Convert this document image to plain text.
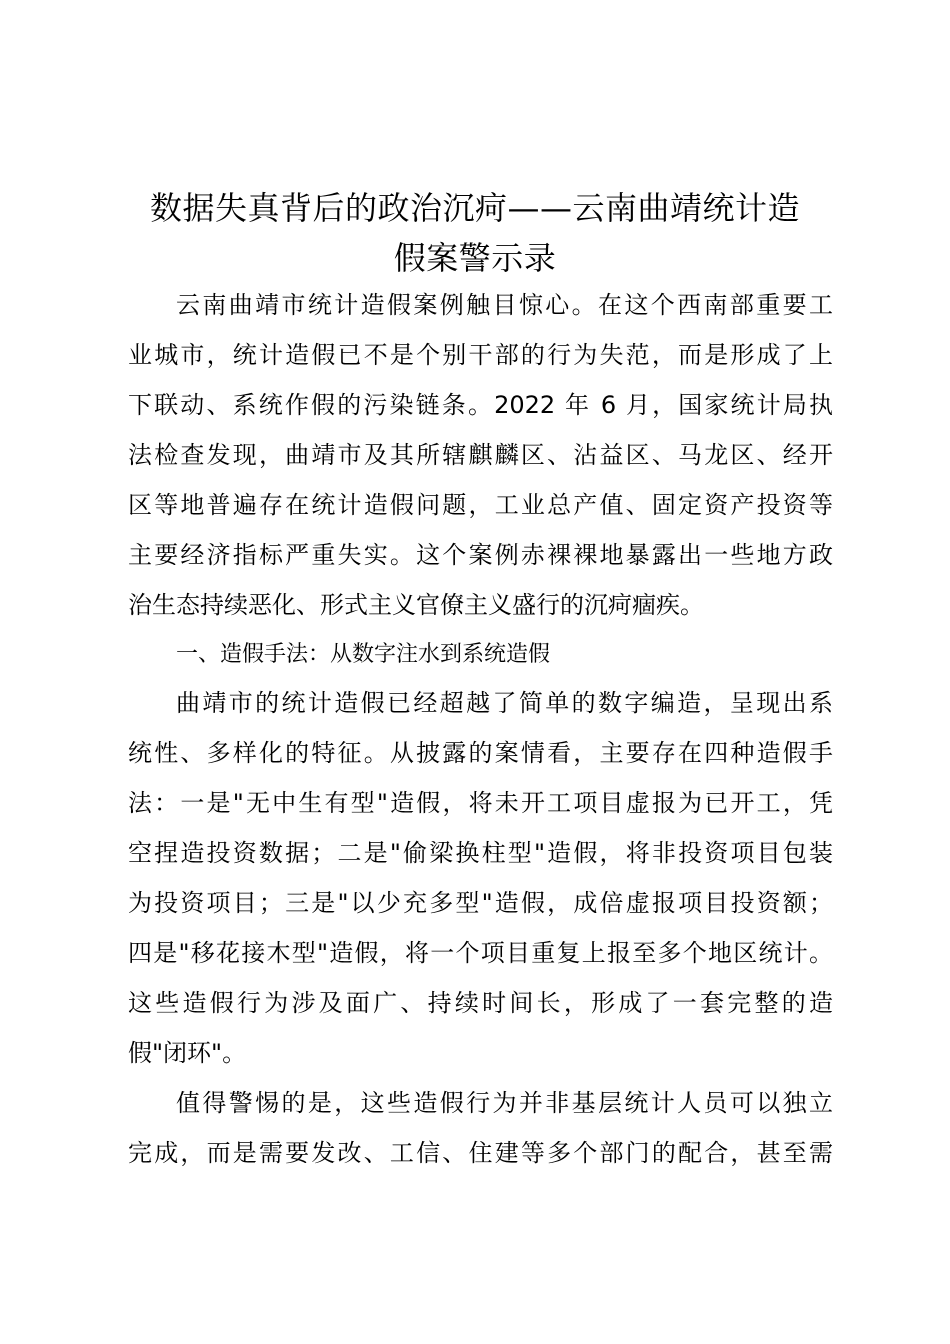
数据失真背后的政治沉疴——云南曲靖统计造
假案警示录
云南曲靖市统计造假案例触目惊心。在这个西南部重要工
业城市，统计造假已不是个别干部的行为失范，而是形成了上
下联动、系统作假的污染链条。2022 年 6 月，国家统计局执
法检查发现，曲靖市及其所辖麒麟区、沾益区、马龙区、经开
区等地普遍存在统计造假问题，工业总产值、固定资产投资等
主要经济指标严重失实。这个案例赤裸裸地暴露出一些地方政
治生态持续恶化、形式主义官僚主义盛行的沉疴痼疾。
一、造假手法：从数字注水到系统造假
曲靖市的统计造假已经超越了简单的数字编造，呈现出系
统性、多样化的特征。从披露的案情看，主要存在四种造假手
法：一是"无中生有型"造假，将未开工项目虚报为已开工，凭
空捏造投资数据；二是"偷梁换柱型"造假，将非投资项目包装
为投资项目；三是"以少充多型"造假，成倍虚报项目投资额；
四是"移花接木型"造假，将一个项目重复上报至多个地区统计。
这些造假行为涉及面广、持续时间长，形成了一套完整的造
假"闭环"。
值得警惕的是，这些造假行为并非基层统计人员可以独立
完成，而是需要发改、工信、住建等多个部门的配合，甚至需
